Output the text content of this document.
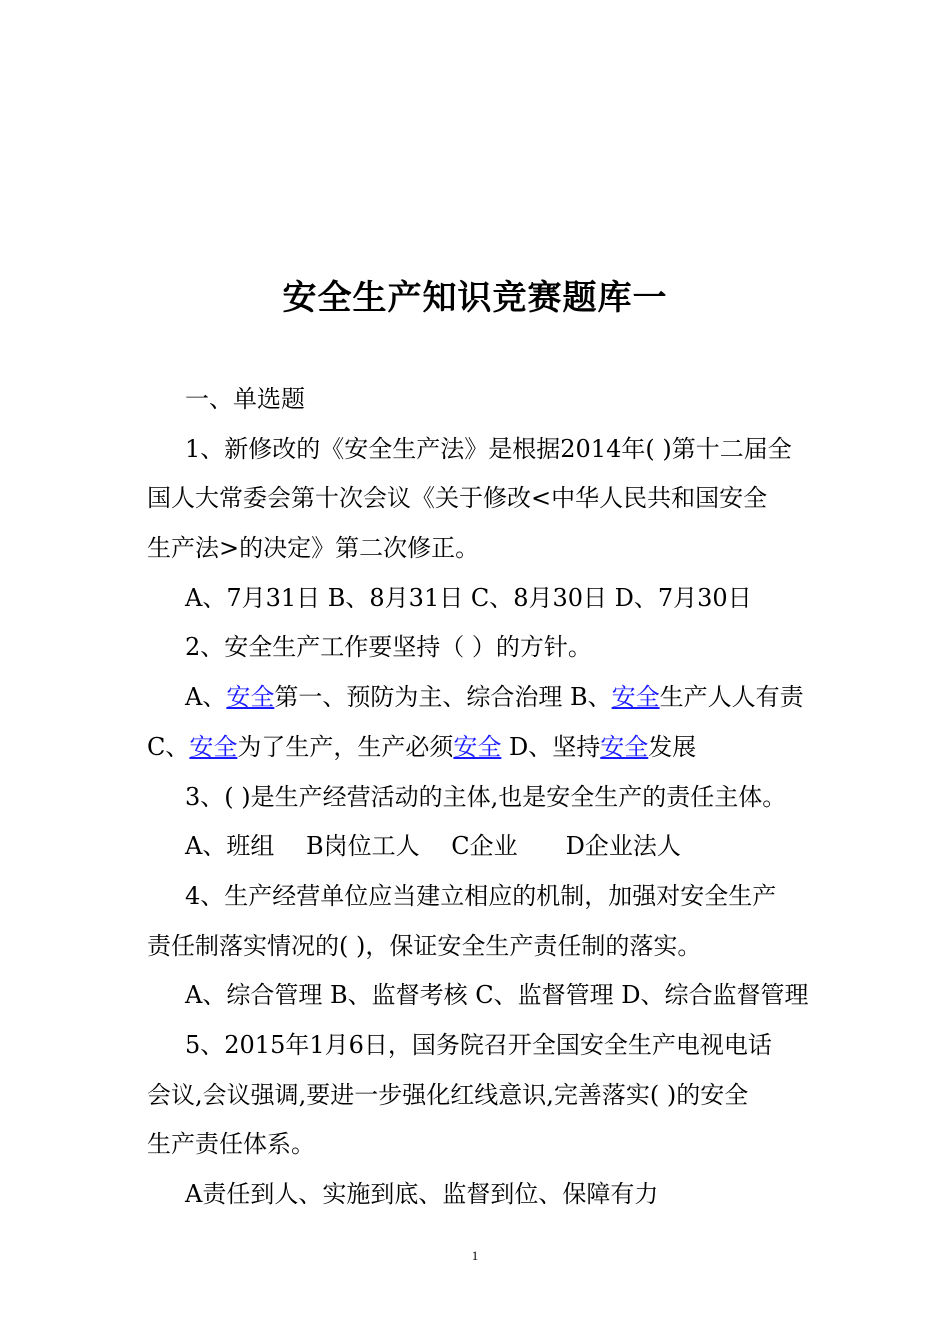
安全生产知识竞赛题库一
一、单选题
1、新修改的《安全生产法》是根据2014年( )第十二届全
国人大常委会第十次会议《关于修改<中华人民共和国安全
生产法>的决定》第二次修正。
A、7月31日 B、8月31日 C、8月30日 D、7月30日
2、安全生产工作要坚持（ ）的方针。
A、安全第一、预防为主、综合治理 B、安全生产人人有责
C、安全为了生产，生产必须安全 D、坚持安全发展
3、( )是生产经营活动的主体,也是安全生产的责任主体。
A、班组　 B岗位工人　 C企业　　D企业法人
4、生产经营单位应当建立相应的机制，加强对安全生产
责任制落实情况的( )，保证安全生产责任制的落实。
A、综合管理 B、监督考核 C、监督管理 D、综合监督管理
5、2015年1月6日，国务院召开全国安全生产电视电话
会议,会议强调,要进一步强化红线意识,完善落实( )的安全
生产责任体系。
A责任到人、实施到底、监督到位、保障有力
1
